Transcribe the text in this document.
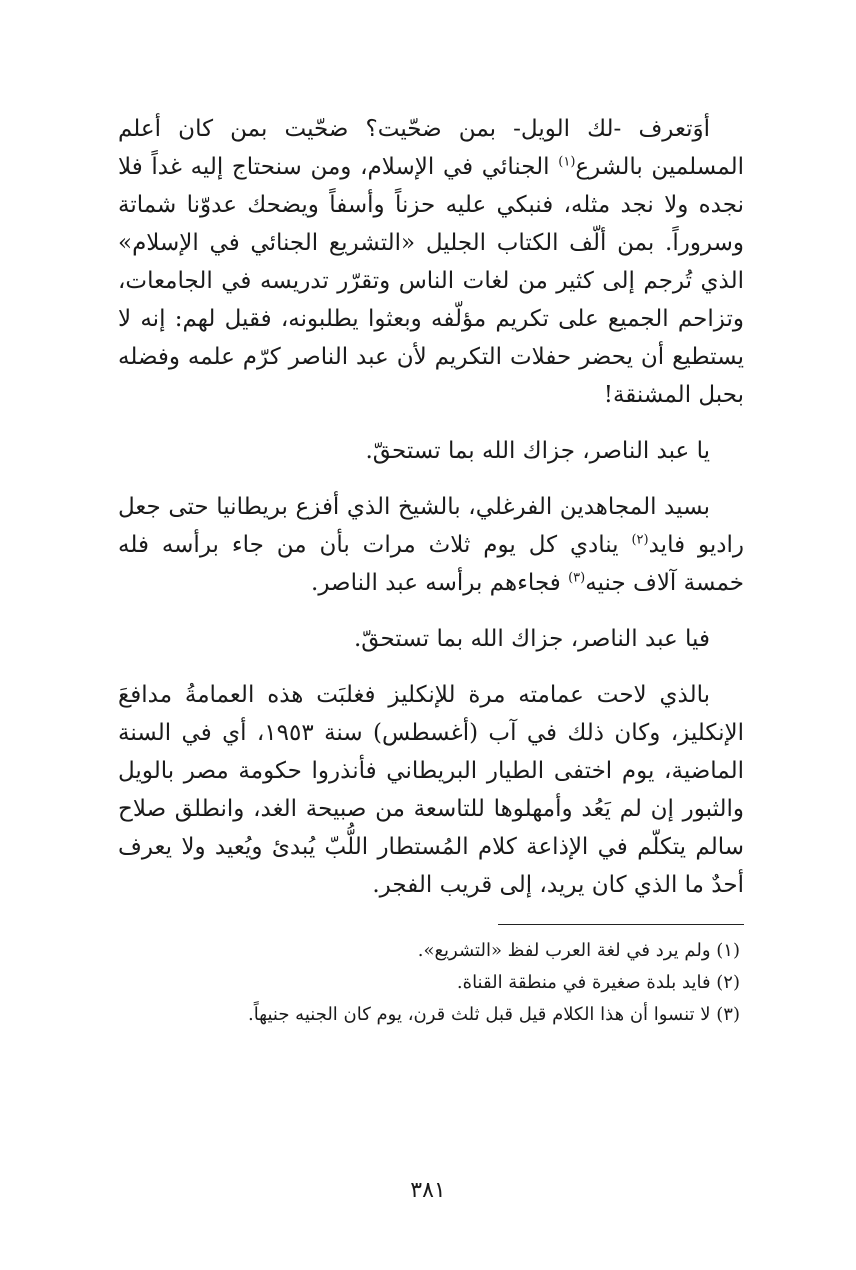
أوَتعرف -لك الويل- بمن ضحّيت؟ ضحّيت بمن كان أعلم المسلمين بالشرع$^{(١)}$ الجنائي في الإسلام، ومن سنحتاج إليه غداً فلا نجده ولا نجد مثله، فنبكي عليه حزناً وأسفاً ويضحك عدوّنا شماتة وسروراً. بمن ألّف الكتاب الجليل «التشريع الجنائي في الإسلام» الذي تُرجم إلى كثير من لغات الناس وتقرّر تدريسه في الجامعات، وتزاحم الجميع على تكريم مؤلّفه وبعثوا يطلبونه، فقيل لهم: إنه لا يستطيع أن يحضر حفلات التكريم لأن عبد الناصر كرّم علمه وفضله بحبل المشنقة!

يا عبد الناصر، جزاك الله بما تستحقّ.

بسيد المجاهدين الفرغلي، بالشيخ الذي أفزع بريطانيا حتى جعل راديو فايد$^{(٢)}$ ينادي كل يوم ثلاث مرات بأن من جاء برأسه فله خمسة آلاف جنيه$^{(٣)}$ فجاءهم برأسه عبد الناصر.

فيا عبد الناصر، جزاك الله بما تستحقّ.

بالذي لاحت عمامته مرة للإنكليز فغلبَت هذه العمامةُ مدافعَ الإنكليز، وكان ذلك في آب (أغسطس) سنة ١٩٥٣، أي في السنة الماضية، يوم اختفى الطيار البريطاني فأنذروا حكومة مصر بالويل والثبور إن لم يَعُد وأمهلوها للتاسعة من صبيحة الغد، وانطلق صلاح سالم يتكلّم في الإذاعة كلام المُستطار اللُّبّ يُبدئ ويُعيد ولا يعرف أحدٌ ما الذي كان يريد، إلى قريب الفجر.

(١) ولم يرد في لغة العرب لفظ «التشريع».

(٢) فايد بلدة صغيرة في منطقة القناة.

(٣) لا تنسوا أن هذا الكلام قيل قبل ثلث قرن، يوم كان الجنيه جنيهاً.

٣٨١
